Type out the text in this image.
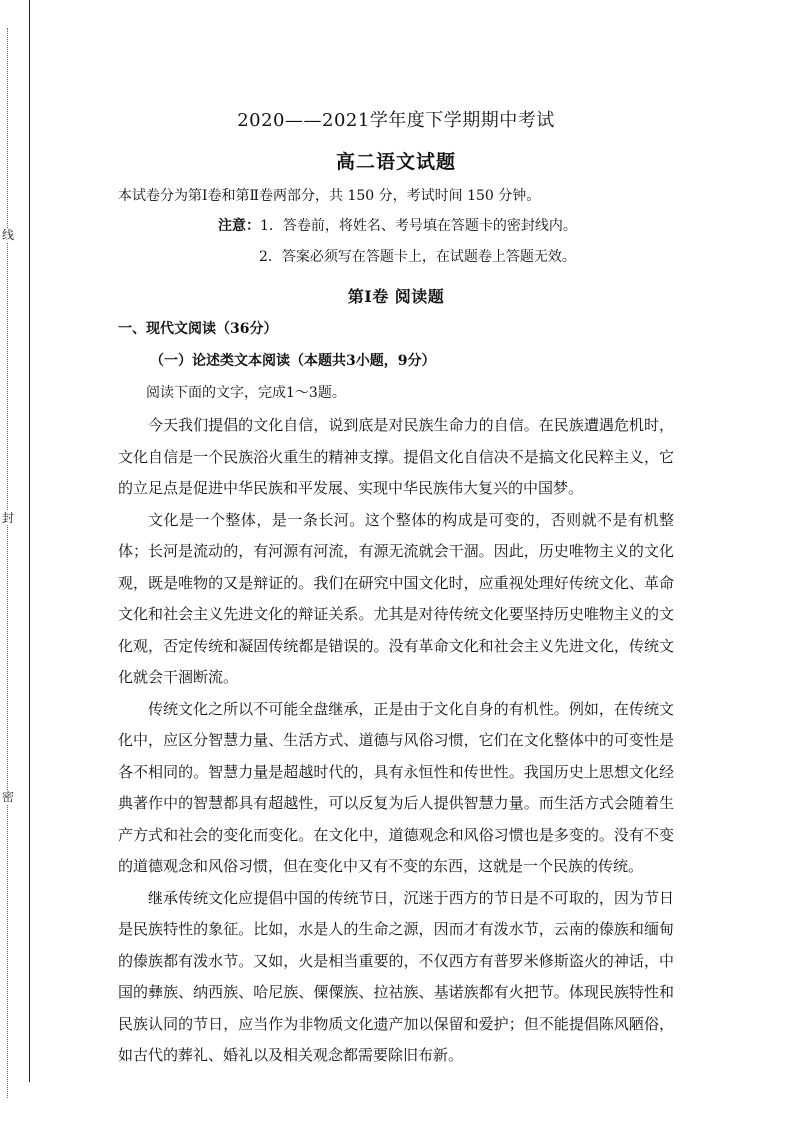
线
封
密
2020——2021学年度下学期期中考试
高二语文试题
本试卷分为第Ⅰ卷和第Ⅱ卷两部分，共 150 分，考试时间 150 分钟。
注意：1．答卷前，将姓名、考号填在答题卡的密封线内。
2．答案必须写在答题卡上，在试题卷上答题无效。
第Ⅰ卷 阅读题
一、现代文阅读（36分）
（一）论述类文本阅读（本题共3小题，9分）
阅读下面的文字，完成1～3题。

今天我们提倡的文化自信，说到底是对民族生命力的自信。在民族遭遇危机时，文化自信是一个民族浴火重生的精神支撑。提倡文化自信决不是搞文化民粹主义，它的立足点是促进中华民族和平发展、实现中华民族伟大复兴的中国梦。

文化是一个整体，是一条长河。这个整体的构成是可变的，否则就不是有机整体；长河是流动的，有河源有河流，有源无流就会干涸。因此，历史唯物主义的文化观，既是唯物的又是辩证的。我们在研究中国文化时，应重视处理好传统文化、革命文化和社会主义先进文化的辩证关系。尤其是对待传统文化要坚持历史唯物主义的文化观，否定传统和凝固传统都是错误的。没有革命文化和社会主义先进文化，传统文化就会干涸断流。

传统文化之所以不可能全盘继承，正是由于文化自身的有机性。例如，在传统文化中，应区分智慧力量、生活方式、道德与风俗习惯，它们在文化整体中的可变性是各不相同的。智慧力量是超越时代的，具有永恒性和传世性。我国历史上思想文化经典著作中的智慧都具有超越性，可以反复为后人提供智慧力量。而生活方式会随着生产方式和社会的变化而变化。在文化中，道德观念和风俗习惯也是多变的。没有不变的道德观念和风俗习惯，但在变化中又有不变的东西，这就是一个民族的传统。

继承传统文化应提倡中国的传统节日，沉迷于西方的节日是不可取的，因为节日是民族特性的象征。比如，水是人的生命之源，因而才有泼水节，云南的傣族和缅甸的傣族都有泼水节。又如，火是相当重要的，不仅西方有普罗米修斯盗火的神话，中国的彝族、纳西族、哈尼族、傈僳族、拉祜族、基诺族都有火把节。体现民族特性和民族认同的节日，应当作为非物质文化遗产加以保留和爱护；但不能提倡陈风陋俗，如古代的葬礼、婚礼以及相关观念都需要除旧布新。
